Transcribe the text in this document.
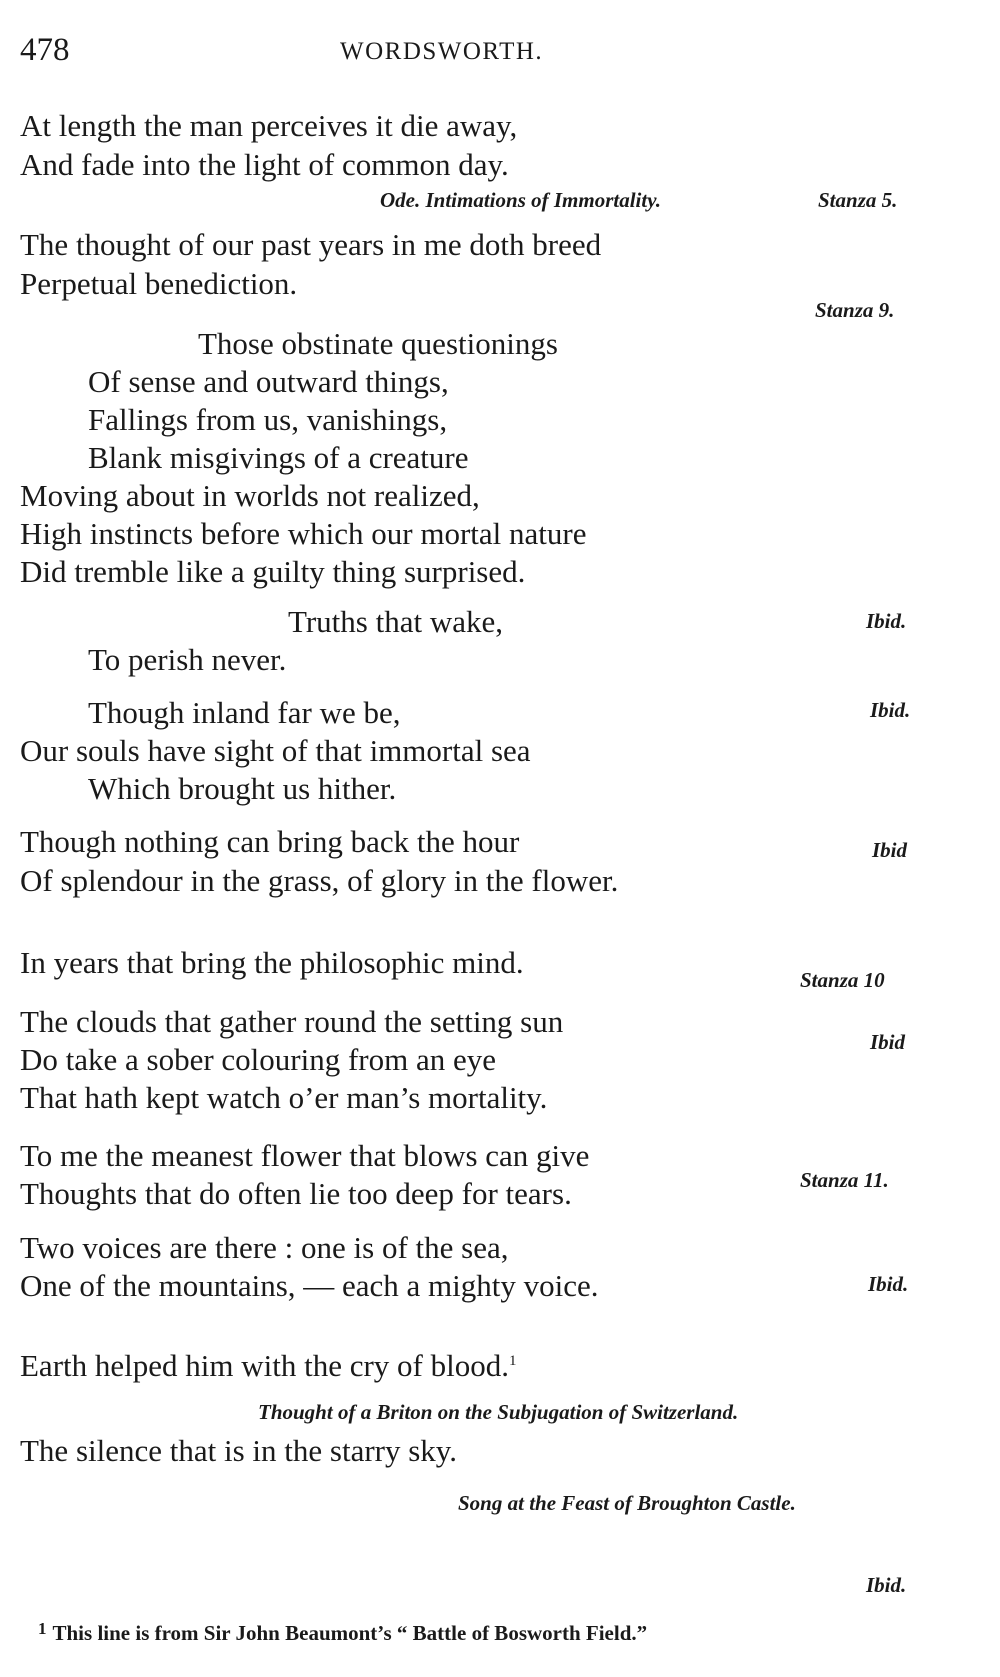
478	WORDSWORTH.
At length the man perceives it die away,
And fade into the light of common day.
Ode. Intimations of Immortality.	Stanza 5.
The thought of our past years in me doth breed
Perpetual benediction.
Stanza 9.
Those obstinate questionings
Of sense and outward things,
Fallings from us, vanishings,
Blank misgivings of a creature
Moving about in worlds not realized,
High instincts before which our mortal nature
Did tremble like a guilty thing surprised.
Ibid.
Truths that wake,
To perish never.
Ibid.
Though inland far we be,
Our souls have sight of that immortal sea
Which brought us hither.
Ibid
Though nothing can bring back the hour
Of splendour in the grass, of glory in the flower.
Stanza 10
In years that bring the philosophic mind.
Ibid
The clouds that gather round the setting sun
Do take a sober colouring from an eye
That hath kept watch o’er man’s mortality.
Stanza 11.
To me the meanest flower that blows can give
Thoughts that do often lie too deep for tears.
Ibid.
Two voices are there : one is of the sea,
One of the mountains, — each a mighty voice.
Thought of a Briton on the Subjugation of Switzerland.
Earth helped him with the cry of blood.$^1$
Song at the Feast of Broughton Castle.
The silence that is in the starry sky.
Ibid.
$^1$ This line is from Sir John Beaumont’s “ Battle of Bosworth Field.”
